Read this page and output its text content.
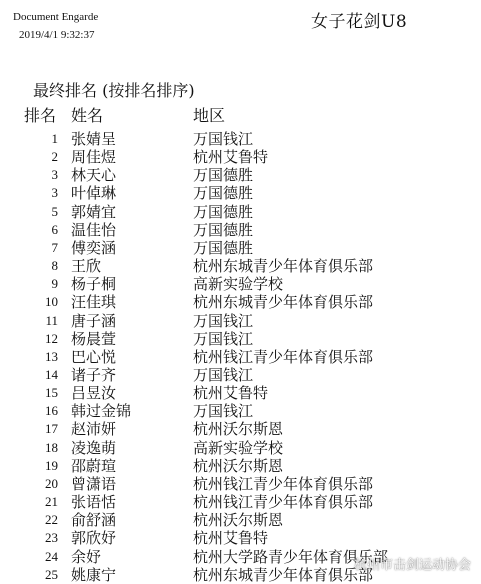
Document Engarde
2019/4/1 9:32:37
女子花剑U8
最终排名 (按排名排序)
排名 姓名	地区
1 张婧呈	万国钱江
2 周佳煜	杭州艾鲁特
3 林天心	万国德胜
3 叶倬琳	万国德胜
5 郭婧宜	万国德胜
6 温佳怡	万国德胜
7 傅奕涵	万国德胜
8 王欣	杭州东城青少年体育俱乐部
9 杨子桐	高新实验学校
10 汪佳琪	杭州东城青少年体育俱乐部
11 唐子涵	万国钱江
12 杨晨萱	万国钱江
13 巴心悦	杭州钱江青少年体育俱乐部
14 诸子齐	万国钱江
15 吕昱汝	杭州艾鲁特
16 韩过金锦	万国钱江
17 赵沛妍	杭州沃尔斯恩
18 凌逸萌	高新实验学校
19 邵蔚瑄	杭州沃尔斯恩
20 曾潇语	杭州钱江青少年体育俱乐部
21 张语恬	杭州钱江青少年体育俱乐部
22 俞舒涵	杭州沃尔斯恩
23 郭欣妤	杭州艾鲁特
24 余妤	杭州大学路青少年体育俱乐部
25 姚康宁	杭州东城青少年体育俱乐部
杭州市击剑运动协会
